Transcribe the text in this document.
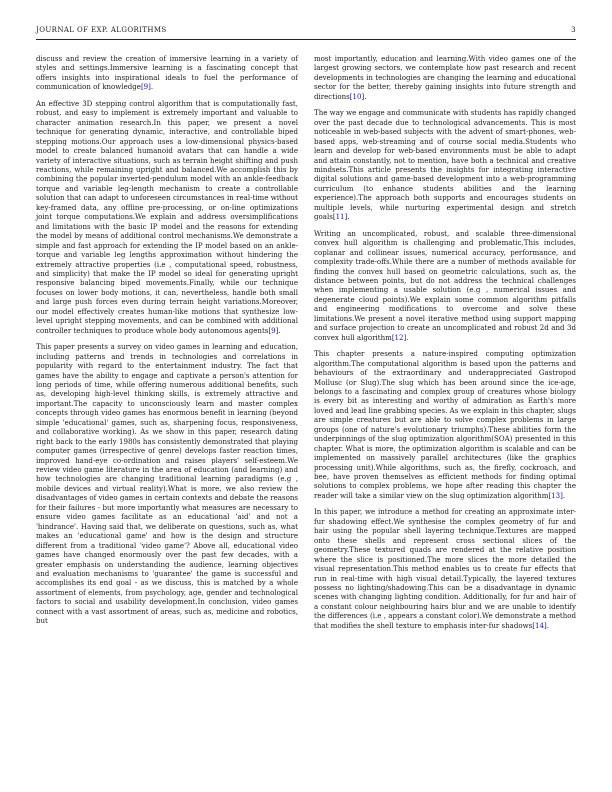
JOURNAL OF EXP. ALGORITHMS	3

discuss and review the creation of immersive learning in a variety of styles and settings.Immersive learning is a fascinating concept that offers insights into inspirational ideals to fuel the performance of communication of knowledge[9].

An effective 3D stepping control algorithm that is computationally fast, robust, and easy to implement is extremely important and valuable to character animation research.In this paper, we present a novel technique for generating dynamic, interactive, and controllable biped stepping motions.Our approach uses a low-dimensional physics-based model to create balanced humanoid avatars that can handle a wide variety of interactive situations, such as terrain height shifting and push reactions, while remaining upright and balanced.We accomplish this by combining the popular inverted-pendulum model with an ankle-feedback torque and variable leg-length mechanism to create a controllable solution that can adapt to unforeseen circumstances in real-time without key-framed data, any offline pre-processing, or on-line optimizations joint torque computations.We explain and address oversimplifications and limitations with the basic IP model and the reasons for extending the model by means of additional control mechanisms.We demonstrate a simple and fast approach for extending the IP model based on an ankle-torque and variable leg lengths approximation without hindering the extremely attractive properties (i.e , computational speed, robustness, and simplicity) that make the IP model so ideal for generating upright responsive balancing biped movements.Finally, while our technique focuses on lower body motions, it can, nevertheless, handle both small and large push forces even during terrain height variations.Moreover, our model effectively creates human-like motions that synthesize low-level upright stepping movements, and can be combined with additional controller techniques to produce whole body autonomous agents[9].

This paper presents a survey on video games in learning and education, including patterns and trends in technologies and correlations in popularity with regard to the entertainment industry. The fact that games have the ability to engage and captivate a person's attention for long periods of time, while offering numerous additional benefits, such as, developing high-level thinking skills, is extremely attractive and important.The capacity to unconsciously learn and master complex concepts through video games has enormous benefit in learning (beyond simple 'educational' games, such as, sharpening focus, responsiveness, and collaborative working). As we show in this paper, research dating right back to the early 1980s has consistently demonstrated that playing computer games (irrespective of genre) develops faster reaction times, improved hand-eye co-ordination and raises players' self-esteem.We review video game literature in the area of education (and learning) and how technologies are changing traditional learning paradigms (e.g , mobile devices and virtual reality).What is more, we also review the disadvantages of video games in certain contexts and debate the reasons for their failures - but more importantly what measures are necessary to ensure video games facilitate as an educational 'aid' and not a 'hindrance'. Having said that, we deliberate on questions, such as, what makes an 'educational game' and how is the design and structure different from a traditional 'video game'? Above all, educational video games have changed enormously over the past few decades, with a greater emphasis on understanding the audience, learning objectives and evaluation mechanisms to 'guarantee' the game is successful and accomplishes its end goal - as we discuss, this is matched by a whole assortment of elements, from psychology, age, gender and technological factors to social and usability development.In conclusion, video games connect with a vast assortment of areas, such as, medicine and robotics, but

most importantly, education and learning.With video games one of the largest growing sectors, we contemplate how past research and recent developments in technologies are changing the learning and educational sector for the better, thereby gaining insights into future strength and directions[10].

The way we engage and communicate with students has rapidly changed over the past decade due to technological advancements. This is most noticeable in web-based subjects with the advent of smart-phones, web-based apps, web-streaming and of course social media.Students who learn and develop for web-based environments must be able to adapt and attain constantly, not to mention, have both a technical and creative mindsets.This article presents the insights for integrating interactive digital solutions and game-based development into a web-programming curriculum (to enhance students abilities and the learning experience).The approach both supports and encourages students on multiple levels, while nurturing experimental design and stretch goals[11].

Writing an uncomplicated, robust, and scalable three-dimensional convex hull algorithm is challenging and problematic.This includes, coplanar and collinear issues, numerical accuracy, performance, and complexity trade-offs.While there are a number of methods available for finding the convex hull based on geometric calculations, such as, the distance between points, but do not address the technical challenges when implementing a usable solution (e.g , numerical issues and degenerate cloud points).We explain some common algorithm pitfalls and engineering modifications to overcome and solve these limitations.We present a novel iterative method using support mapping and surface projection to create an uncomplicated and robust 2d and 3d convex hull algorithm[12].

This chapter presents a nature-inspired computing optimization algorithm.The computational algorithm is based upon the patterns and behaviours of the extraordinary and underappreciated Gastropod Mollusc (or Slug).The slug which has been around since the ice-age, belongs to a fascinating and complex group of creatures whose biology is every bit as interesting and worthy of admiration as Earth's more loved and lead line grabbing species. As we explain in this chapter, slugs are simple creatures but are able to solve complex problems in large groups (one of nature's evolutionary triumphs).These abilities form the underpinnings of the slug optimization algorithm(SOA) presented in this chapter. What is more, the optimization algorithm is scalable and can be implemented on massively parallel architectures (like the graphics processing unit).While algorithms, such as, the firefly, cockroach, and bee, have proven themselves as efficient methods for finding optimal solutions to complex problems, we hope after reading this chapter the reader will take a similar view on the slug optimization algorithm[13].

In this paper, we introduce a method for creating an approximate inter-fur shadowing effect.We synthesise the complex geometry of fur and hair using the popular shell layering technique.Textures are mapped onto these shells and represent cross sectional slices of the geometry.These textured quads are rendered at the relative position where the slice is positioned.The more slices the more detailed the visual representation.This method enables us to create fur effects that run in real-time with high visual detail.Typically, the layered textures possess no lighting/shadowing.This can be a disadvantage in dynamic scenes with changing lighting condition. Additionally, for fur and hair of a constant colour neighbouring hairs blur and we are unable to identify the differences (i.e , appears a constant color).We demonstrate a method that modifies the shell texture to emphasis inter-fur shadows[14].
